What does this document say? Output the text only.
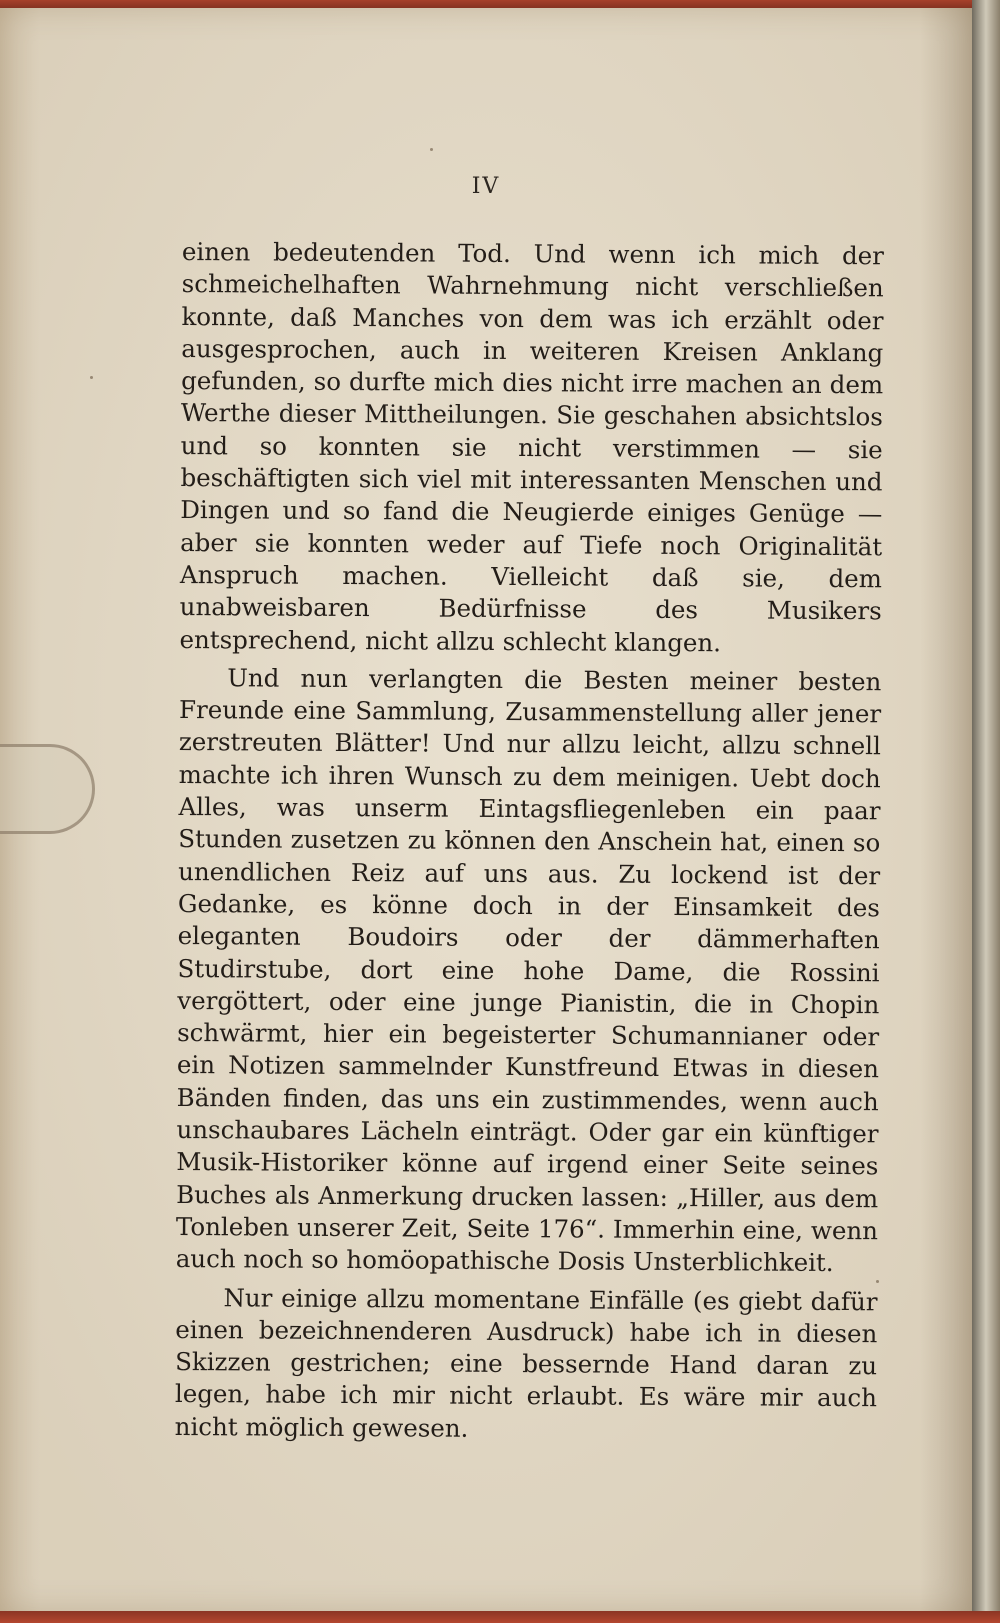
IV

einen bedeutenden Tod. Und wenn ich mich der schmeichelhaften Wahrnehmung nicht verschließen konnte, daß Manches von dem was ich erzählt oder ausgesprochen, auch in weiteren Kreisen Anklang gefunden, so durfte mich dies nicht irre machen an dem Werthe dieser Mittheilungen. Sie geschahen absichtslos und so konnten sie nicht verstimmen — sie beschäftigten sich viel mit interessanten Menschen und Dingen und so fand die Neugierde einiges Genüge — aber sie konnten weder auf Tiefe noch Originalität Anspruch machen. Vielleicht daß sie, dem unabweisbaren Bedürfnisse des Musikers entsprechend, nicht allzu schlecht klangen.

Und nun verlangten die Besten meiner besten Freunde eine Sammlung, Zusammenstellung aller jener zerstreuten Blätter! Und nur allzu leicht, allzu schnell machte ich ihren Wunsch zu dem meinigen. Uebt doch Alles, was unserm Eintagsfliegenleben ein paar Stunden zusetzen zu können den Anschein hat, einen so unendlichen Reiz auf uns aus. Zu lockend ist der Gedanke, es könne doch in der Einsamkeit des eleganten Boudoirs oder der dämmerhaften Studirstube, dort eine hohe Dame, die Rossini vergöttert, oder eine junge Pianistin, die in Chopin schwärmt, hier ein begeisterter Schumannianer oder ein Notizen sammelnder Kunstfreund Etwas in diesen Bänden finden, das uns ein zustimmendes, wenn auch unschaubares Lächeln einträgt. Oder gar ein künftiger Musik-Historiker könne auf irgend einer Seite seines Buches als Anmerkung drucken lassen: „Hiller, aus dem Tonleben unserer Zeit, Seite 176“. Immerhin eine, wenn auch noch so homöopathische Dosis Unsterblichkeit.

Nur einige allzu momentane Einfälle (es giebt dafür einen bezeichnenderen Ausdruck) habe ich in diesen Skizzen gestrichen; eine bessernde Hand daran zu legen, habe ich mir nicht erlaubt. Es wäre mir auch nicht möglich gewesen.
